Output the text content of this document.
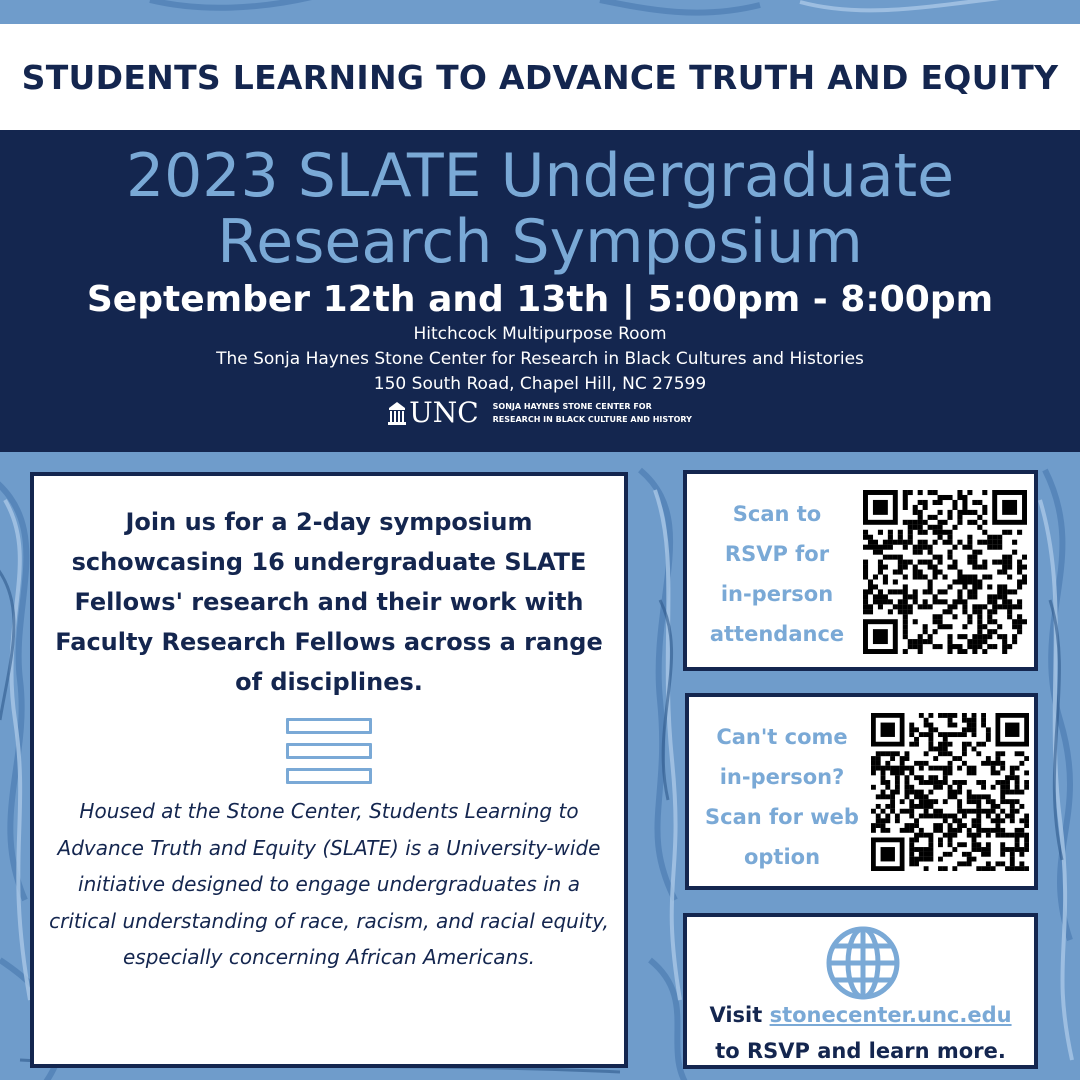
STUDENTS LEARNING TO ADVANCE TRUTH AND EQUITY
2023 SLATE Undergraduate
Research Symposium
September 12th and 13th | 5:00pm - 8:00pm
Hitchcock Multipurpose Room
The Sonja Haynes Stone Center for Research in Black Cultures and Histories
150 South Road, Chapel Hill, NC 27599
UNC SONJA HAYNES STONE CENTER FOR
RESEARCH IN BLACK CULTURE AND HISTORY
Join us for a 2-day symposium schowcasing 16 undergraduate SLATE Fellows' research and their work with Faculty Research Fellows across a range of disciplines.
Housed at the Stone Center, Students Learning to Advance Truth and Equity (SLATE) is a University-wide initiative designed to engage undergraduates in a critical understanding of race, racism, and racial equity, especially concerning African Americans.
Scan to
RSVP for
in-person
attendance
Can't come
in-person?
Scan for web
option
Visit stonecenter.unc.edu
to RSVP and learn more.
